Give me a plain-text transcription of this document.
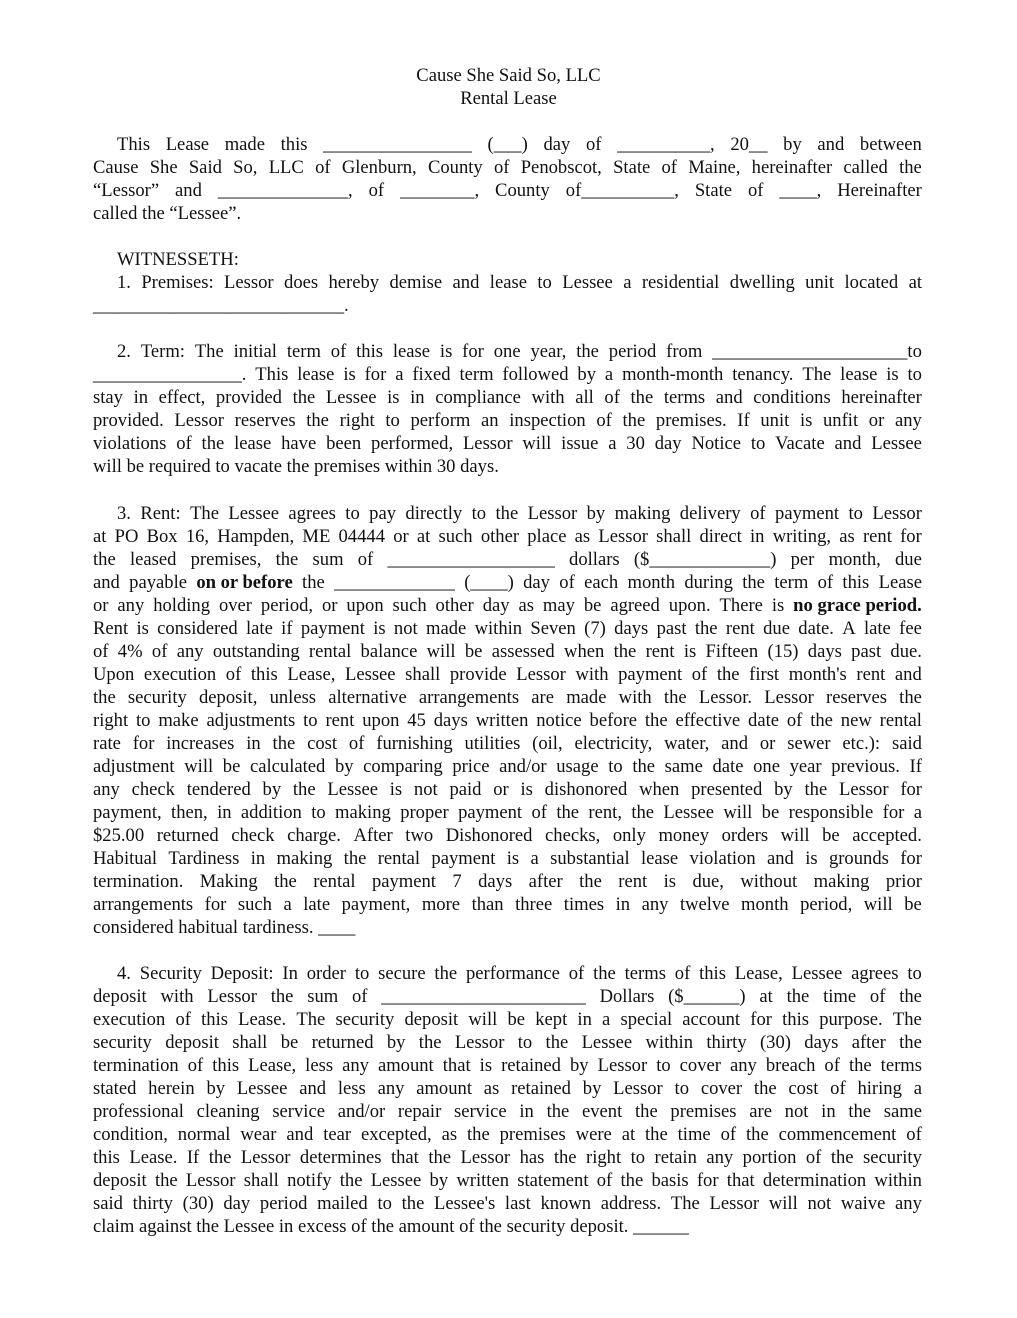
Cause She Said So, LLC
Rental Lease
This Lease made this ________________ (___) day of __________, 20__ by and between
Cause She Said So, LLC of Glenburn, County of Penobscot, State of Maine, hereinafter called the
“Lessor” and ______________, of ________, County of__________, State of ____, Hereinafter
called the “Lessee”.
WITNESSETH:
1. Premises: Lessor does hereby demise and lease to Lessee a residential dwelling unit located at
___________________________.
2. Term: The initial term of this lease is for one year, the period from _____________________to
________________. This lease is for a fixed term followed by a month-month tenancy. The lease is to
stay in effect, provided the Lessee is in compliance with all of the terms and conditions hereinafter
provided. Lessor reserves the right to perform an inspection of the premises. If unit is unfit or any
violations of the lease have been performed, Lessor will issue a 30 day Notice to Vacate and Lessee
will be required to vacate the premises within 30 days.
3. Rent: The Lessee agrees to pay directly to the Lessor by making delivery of payment to Lessor
at PO Box 16, Hampden, ME 04444 or at such other place as Lessor shall direct in writing, as rent for
the leased premises, the sum of __________________ dollars ($_____________) per month, due
and payable on or before the _____________ (____) day of each month during the term of this Lease
or any holding over period, or upon such other day as may be agreed upon. There is no grace period.
Rent is considered late if payment is not made within Seven (7) days past the rent due date. A late fee
of 4% of any outstanding rental balance will be assessed when the rent is Fifteen (15) days past due.
Upon execution of this Lease, Lessee shall provide Lessor with payment of the first month's rent and
the security deposit, unless alternative arrangements are made with the Lessor. Lessor reserves the
right to make adjustments to rent upon 45 days written notice before the effective date of the new rental
rate for increases in the cost of furnishing utilities (oil, electricity, water, and or sewer etc.): said
adjustment will be calculated by comparing price and/or usage to the same date one year previous. If
any check tendered by the Lessee is not paid or is dishonored when presented by the Lessor for
payment, then, in addition to making proper payment of the rent, the Lessee will be responsible for a
$25.00 returned check charge. After two Dishonored checks, only money orders will be accepted.
Habitual Tardiness in making the rental payment is a substantial lease violation and is grounds for
termination. Making the rental payment 7 days after the rent is due, without making prior
arrangements for such a late payment, more than three times in any twelve month period, will be
considered habitual tardiness. ____
4. Security Deposit: In order to secure the performance of the terms of this Lease, Lessee agrees to
deposit with Lessor the sum of ______________________ Dollars ($______) at the time of the
execution of this Lease. The security deposit will be kept in a special account for this purpose. The
security deposit shall be returned by the Lessor to the Lessee within thirty (30) days after the
termination of this Lease, less any amount that is retained by Lessor to cover any breach of the terms
stated herein by Lessee and less any amount as retained by Lessor to cover the cost of hiring a
professional cleaning service and/or repair service in the event the premises are not in the same
condition, normal wear and tear excepted, as the premises were at the time of the commencement of
this Lease. If the Lessor determines that the Lessor has the right to retain any portion of the security
deposit the Lessor shall notify the Lessee by written statement of the basis for that determination within
said thirty (30) day period mailed to the Lessee's last known address. The Lessor will not waive any
claim against the Lessee in excess of the amount of the security deposit. ______
